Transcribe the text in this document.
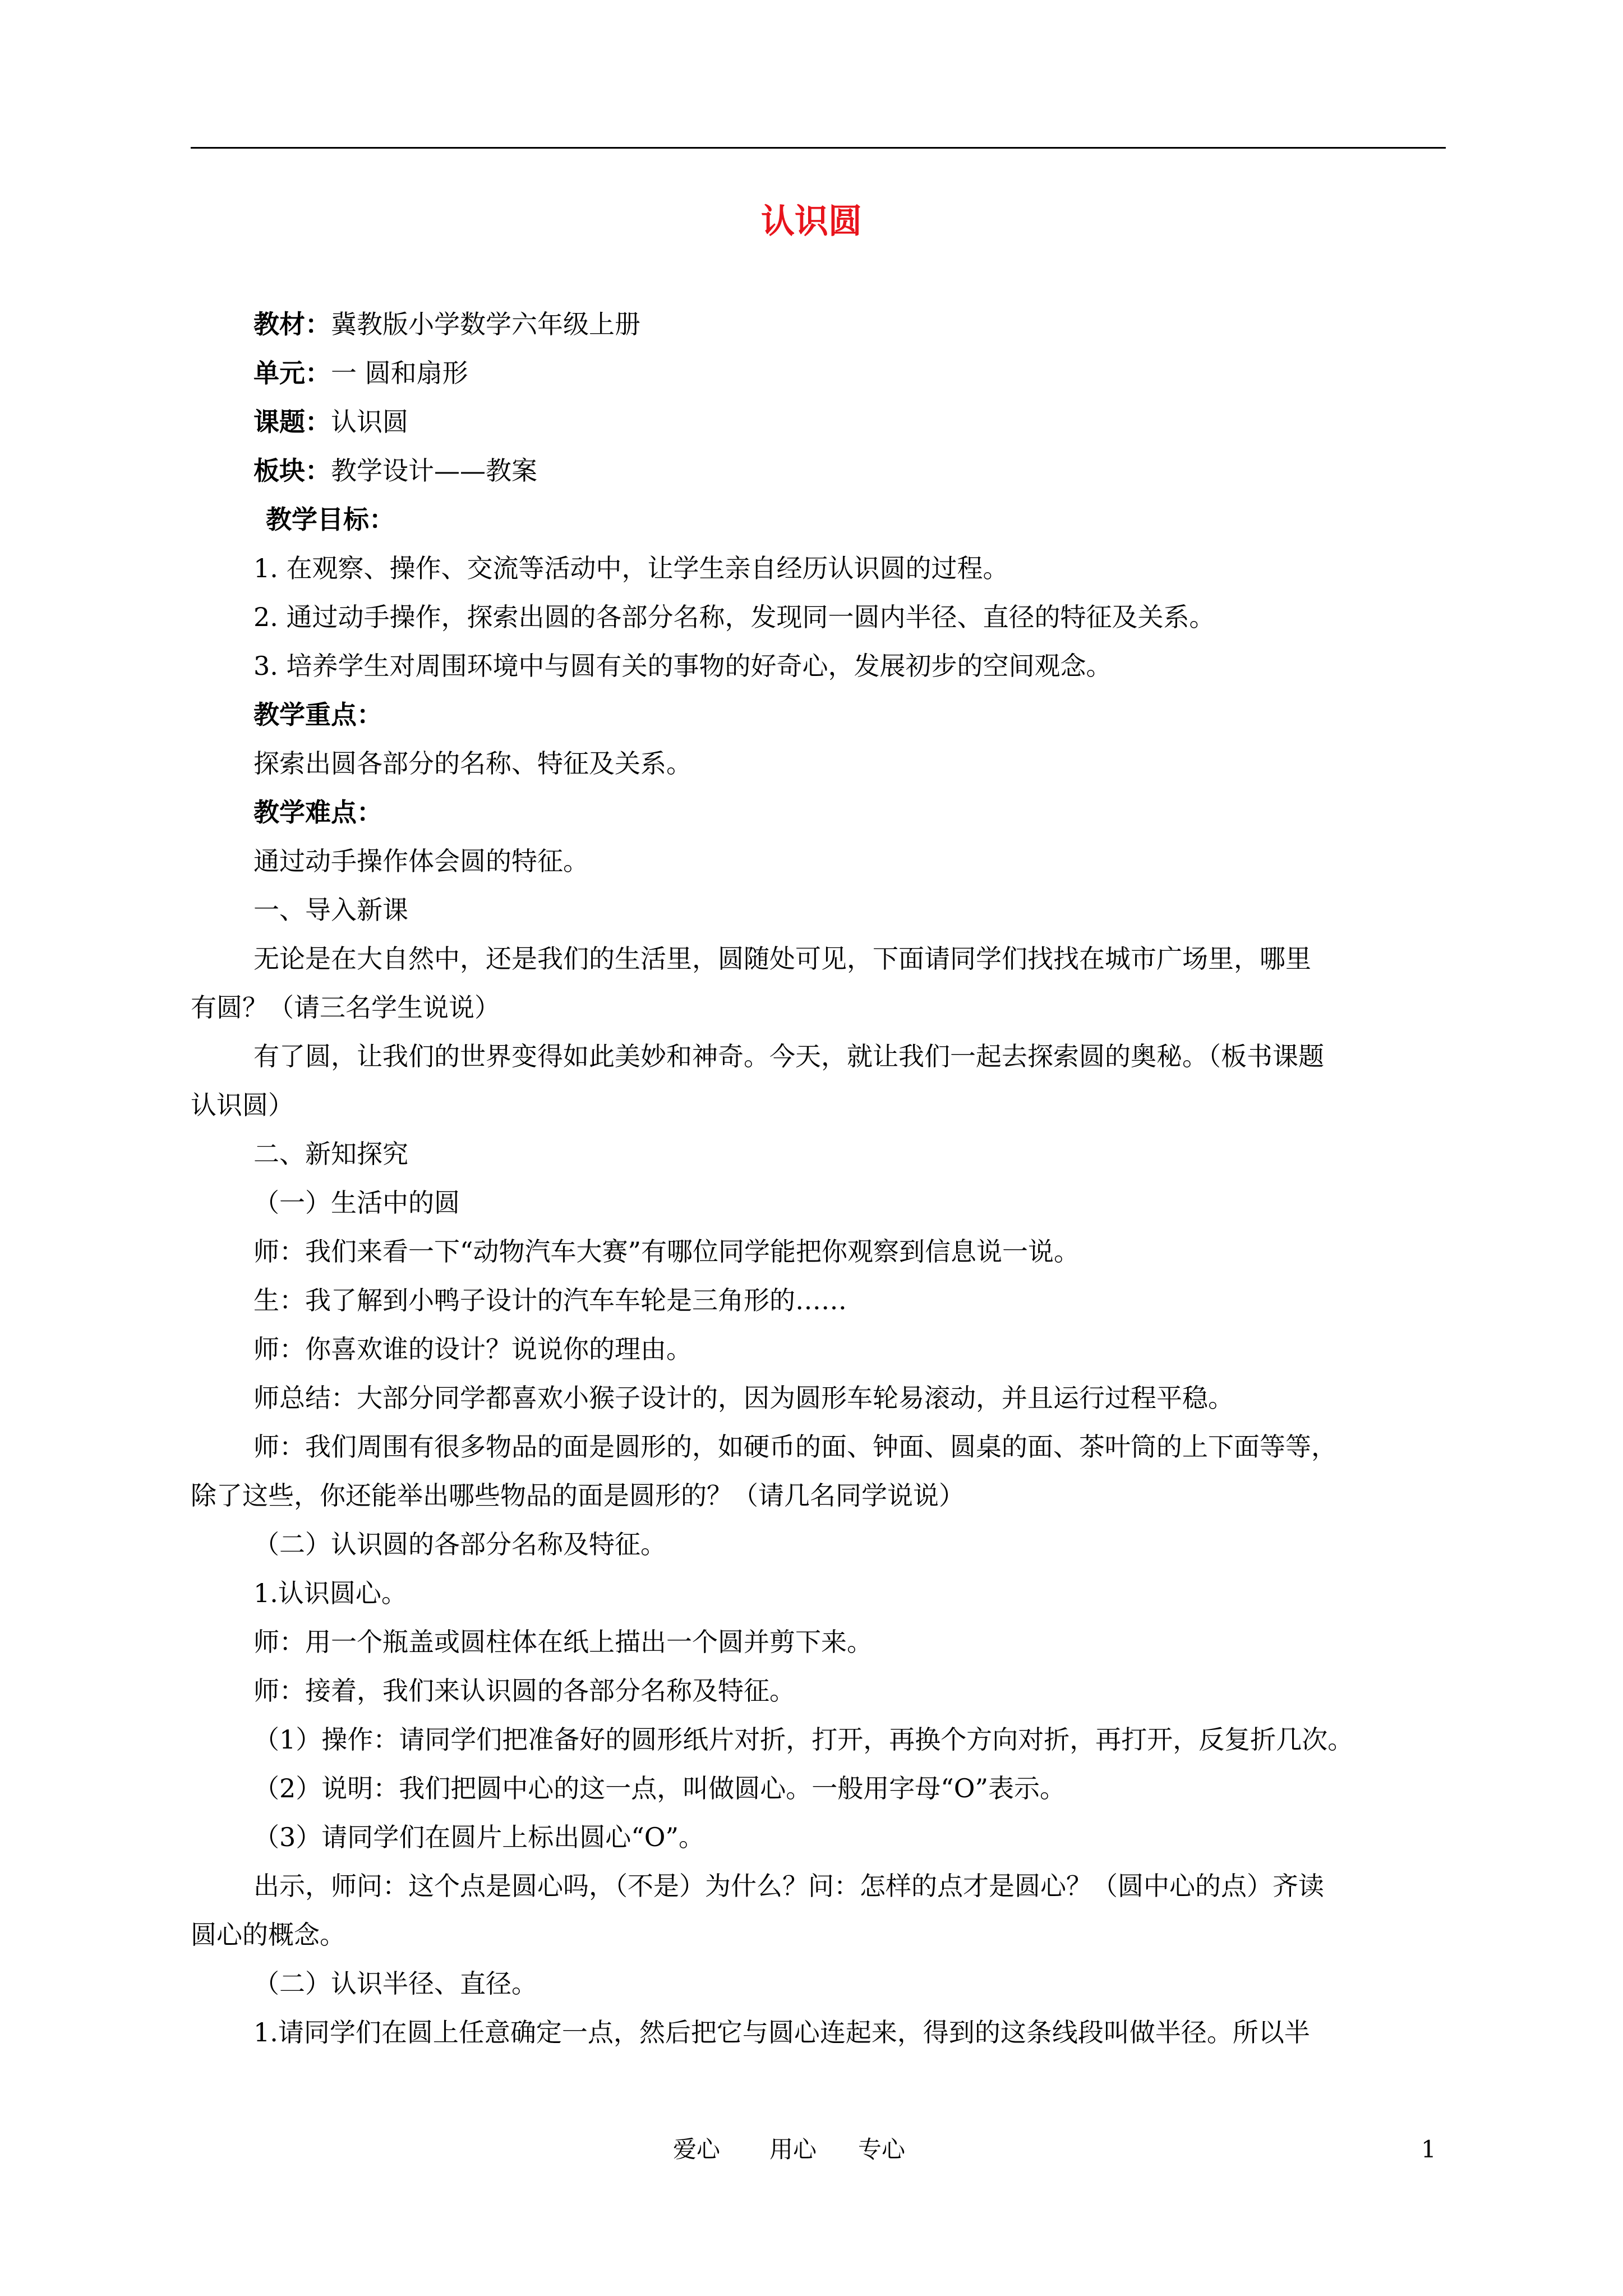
认识圆
教材：冀教版小学数学六年级上册
单元：一 圆和扇形
课题：认识圆
板块：教学设计——教案
教学目标：
1. 在观察、操作、交流等活动中，让学生亲自经历认识圆的过程。
2. 通过动手操作，探索出圆的各部分名称，发现同一圆内半径、直径的特征及关系。
3. 培养学生对周围环境中与圆有关的事物的好奇心，发展初步的空间观念。
教学重点：
探索出圆各部分的名称、特征及关系。
教学难点：
通过动手操作体会圆的特征。
一、导入新课
无论是在大自然中，还是我们的生活里，圆随处可见，下面请同学们找找在城市广场里，哪里
有圆？（请三名学生说说）
有了圆，让我们的世界变得如此美妙和神奇。今天，就让我们一起去探索圆的奥秘。（板书课题
认识圆）
二、新知探究
（一）生活中的圆
师：我们来看一下“动物汽车大赛”有哪位同学能把你观察到信息说一说。
生：我了解到小鸭子设计的汽车车轮是三角形的……
师：你喜欢谁的设计？说说你的理由。
师总结：大部分同学都喜欢小猴子设计的，因为圆形车轮易滚动，并且运行过程平稳。
师：我们周围有很多物品的面是圆形的，如硬币的面、钟面、圆桌的面、茶叶筒的上下面等等，
除了这些，你还能举出哪些物品的面是圆形的？（请几名同学说说）
（二）认识圆的各部分名称及特征。
1.认识圆心。
师：用一个瓶盖或圆柱体在纸上描出一个圆并剪下来。
师：接着，我们来认识圆的各部分名称及特征。
（1）操作：请同学们把准备好的圆形纸片对折，打开，再换个方向对折，再打开，反复折几次。
（2）说明：我们把圆中心的这一点，叫做圆心。一般用字母“O”表示。
（3）请同学们在圆片上标出圆心“O”。
出示，师问：这个点是圆心吗，（不是）为什么？问：怎样的点才是圆心？（圆中心的点）齐读
圆心的概念。
（二）认识半径、直径。
1.请同学们在圆上任意确定一点，然后把它与圆心连起来，得到的这条线段叫做半径。所以半
爱心 用心 专心	1
